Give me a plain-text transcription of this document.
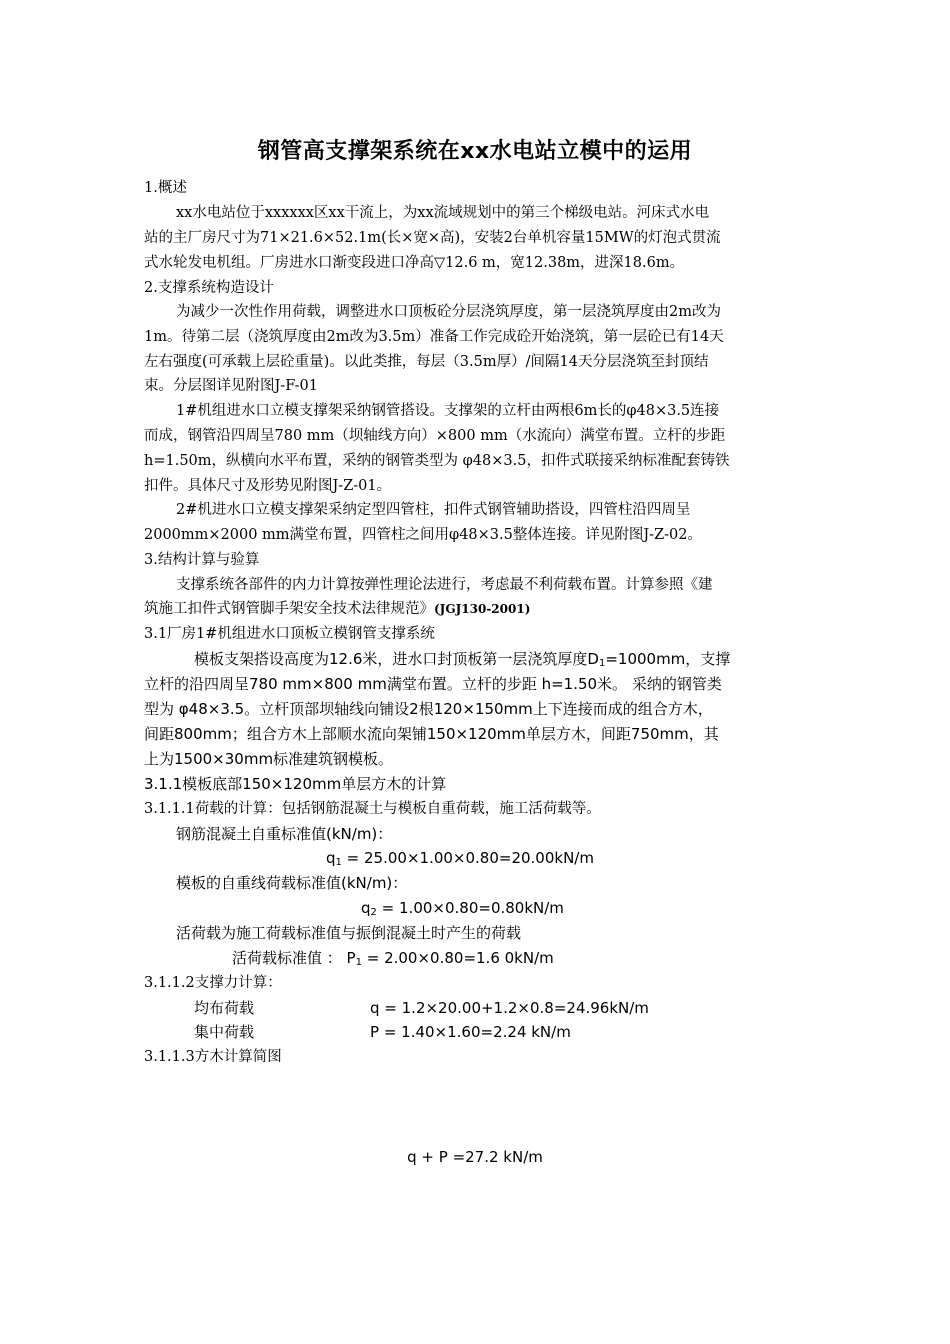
钢管高支撑架系统在xx水电站立模中的运用
1.概述
xx水电站位于xxxxxx区xx干流上，为xx流域规划中的第三个梯级电站。河床式水电
站的主厂房尺寸为71×21.6×52.1m(长×宽×高)，安装2台单机容量15MW的灯泡式贯流
式水轮发电机组。厂房进水口渐变段进口净高▽12.6 m，宽12.38m，进深18.6m。
2.支撑系统构造设计
为减少一次性作用荷载，调整进水口顶板砼分层浇筑厚度，第一层浇筑厚度由2m改为
1m。待第二层（浇筑厚度由2m改为3.5m）准备工作完成砼开始浇筑，第一层砼已有14天
左右强度(可承载上层砼重量)。以此类推，每层（3.5m厚）/间隔14天分层浇筑至封顶结
束。分层图详见附图J-F-01
1#机组进水口立模支撑架采纳钢管搭设。支撑架的立杆由两根6m长的φ48×3.5连接
而成，钢管沿四周呈780 mm（坝轴线方向）×800 mm（水流向）满堂布置。立杆的步距
h=1.50m，纵横向水平布置，采纳的钢管类型为 φ48×3.5，扣件式联接采纳标准配套铸铁
扣件。具体尺寸及形势见附图J-Z-01。
2#机进水口立模支撑架采纳定型四管柱，扣件式钢管辅助搭设，四管柱沿四周呈
2000mm×2000 mm满堂布置，四管柱之间用φ48×3.5整体连接。详见附图J-Z-02。
3.结构计算与验算
支撑系统各部件的内力计算按弹性理论法进行，考虑最不利荷载布置。计算参照《建
筑施工扣件式钢管脚手架安全技术法律规范》(JGJ130-2001)
3.1厂房1#机组进水口顶板立模钢管支撑系统
模板支架搭设高度为12.6米，进水口封顶板第一层浇筑厚度$D_1=1000mm$，支撑
立杆的沿四周呈780 mm×800 mm满堂布置。立杆的步距 h=1.50米。 采纳的钢管类
型为 φ48×3.5。立杆顶部坝轴线向铺设2根120×150mm上下连接而成的组合方木，
间距800mm；组合方木上部顺水流向架铺150×120mm单层方木，间距750mm，其
上为1500×30mm标准建筑钢模板。
3.1.1模板底部150×120mm单层方木的计算
3.1.1.1荷载的计算：包括钢筋混凝土与模板自重荷载，施工活荷载等。
钢筋混凝土自重标准值(kN/m)：
$q_1 = 25.00\times 1.00\times 0.80=20.00kN/m$
模板的自重线荷载标准值(kN/m)：
$q_2 = 1.00\times 0.80=0.80kN/m$
活荷载为施工荷载标准值与振倒混凝土时产生的荷载
活荷载标准值 ： $P_1 = 2.00\times 0.80=1.6$ 0kN/m
3.1.1.2支撑力计算：
均布荷载	q = 1.2×20.00+1.2×0.8=24.96kN/m
集中荷载	P = 1.40×1.60=2.24 kN/m
3.1.1.3方木计算简图
q + P =27.2 kN/m
